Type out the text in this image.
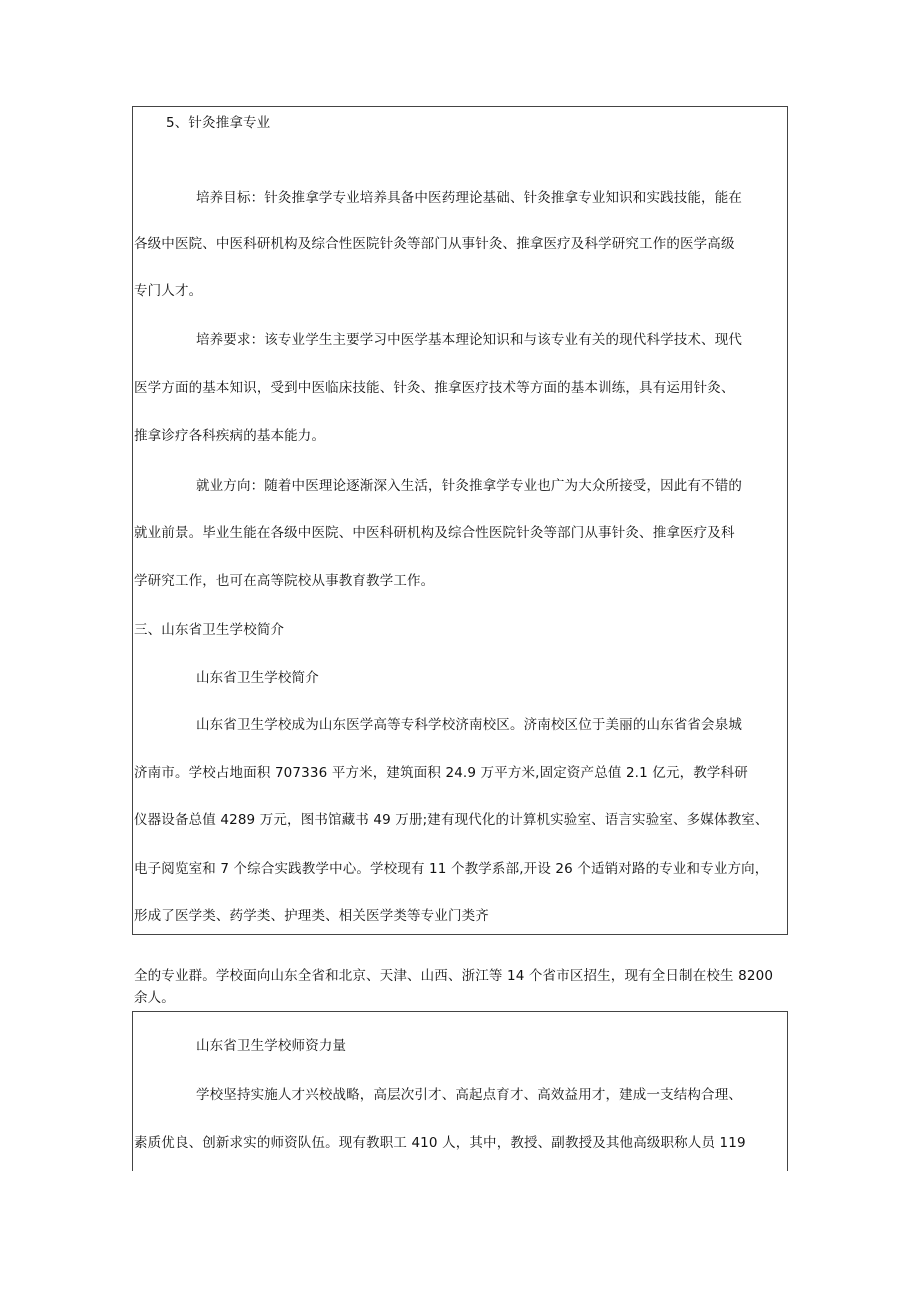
5、针灸推拿专业
培养目标：针灸推拿学专业培养具备中医药理论基础、针灸推拿专业知识和实践技能，能在
各级中医院、中医科研机构及综合性医院针灸等部门从事针灸、推拿医疗及科学研究工作的医学高级
专门人才。
培养要求：该专业学生主要学习中医学基本理论知识和与该专业有关的现代科学技术、现代
医学方面的基本知识，受到中医临床技能、针灸、推拿医疗技术等方面的基本训练，具有运用针灸、
推拿诊疗各科疾病的基本能力。
就业方向：随着中医理论逐渐深入生活，针灸推拿学专业也广为大众所接受，因此有不错的
就业前景。毕业生能在各级中医院、中医科研机构及综合性医院针灸等部门从事针灸、推拿医疗及科
学研究工作，也可在高等院校从事教育教学工作。
三、山东省卫生学校简介
山东省卫生学校简介
山东省卫生学校成为山东医学高等专科学校济南校区。济南校区位于美丽的山东省省会泉城
济南市。学校占地面积 707336 平方米，建筑面积 24.9 万平方米,固定资产总值 2.1 亿元，教学科研
仪器设备总值 4289 万元，图书馆藏书 49 万册;建有现代化的计算机实验室、语言实验室、多媒体教室、
电子阅览室和 7 个综合实践教学中心。学校现有 11 个教学系部,开设 26 个适销对路的专业和专业方向，
形成了医学类、药学类、护理类、相关医学类等专业门类齐
全的专业群。学校面向山东全省和北京、天津、山西、浙江等 14 个省市区招生，现有全日制在校生 8200
余人。
山东省卫生学校师资力量
学校坚持实施人才兴校战略，高层次引才、高起点育才、高效益用才，建成一支结构合理、
素质优良、创新求实的师资队伍。现有教职工 410 人，其中，教授、副教授及其他高级职称人员 119
